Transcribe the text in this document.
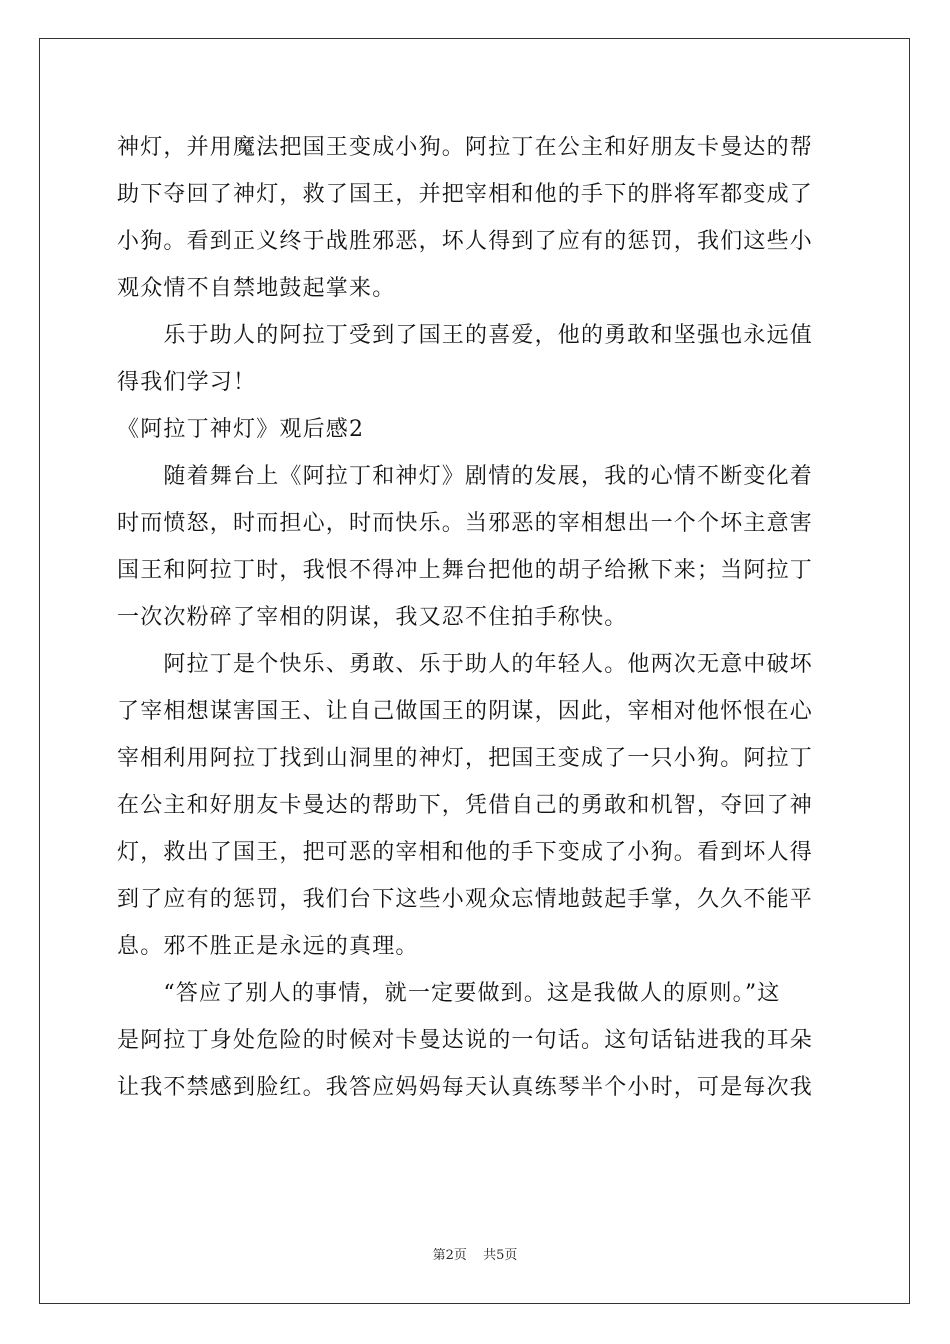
神灯，并用魔法把国王变成小狗。阿拉丁在公主和好朋友卡曼达的帮
助下夺回了神灯，救了国王，并把宰相和他的手下的胖将军都变成了
小狗。看到正义终于战胜邪恶，坏人得到了应有的惩罚，我们这些小
观众情不自禁地鼓起掌来。
　　乐于助人的阿拉丁受到了国王的喜爱，他的勇敢和坚强也永远值
得我们学习！
《阿拉丁神灯》观后感2
　　随着舞台上《阿拉丁和神灯》剧情的发展，我的心情不断变化着
时而愤怒，时而担心，时而快乐。当邪恶的宰相想出一个个坏主意害
国王和阿拉丁时，我恨不得冲上舞台把他的胡子给揪下来；当阿拉丁
一次次粉碎了宰相的阴谋，我又忍不住拍手称快。
　　阿拉丁是个快乐、勇敢、乐于助人的年轻人。他两次无意中破坏
了宰相想谋害国王、让自己做国王的阴谋，因此，宰相对他怀恨在心
宰相利用阿拉丁找到山洞里的神灯，把国王变成了一只小狗。阿拉丁
在公主和好朋友卡曼达的帮助下，凭借自己的勇敢和机智，夺回了神
灯，救出了国王，把可恶的宰相和他的手下变成了小狗。看到坏人得
到了应有的惩罚，我们台下这些小观众忘情地鼓起手掌，久久不能平
息。邪不胜正是永远的真理。
　　“答应了别人的事情，就一定要做到。这是我做人的原则。”这
是阿拉丁身处危险的时候对卡曼达说的一句话。这句话钻进我的耳朵
让我不禁感到脸红。我答应妈妈每天认真练琴半个小时，可是每次我
第2页 共5页
